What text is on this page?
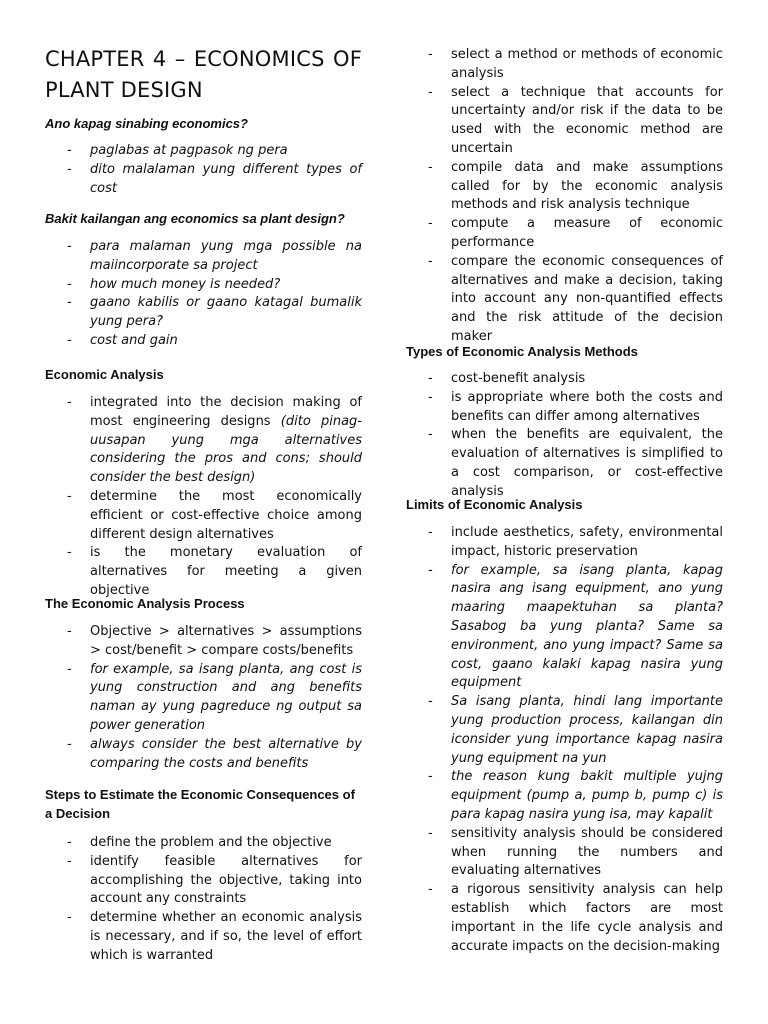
CHAPTER 4 – ECONOMICS OF
PLANT DESIGN
Ano kapag sinabing economics?
- paglabas at pagpasok ng pera
- dito malalaman yung different types of cost
Bakit kailangan ang economics sa plant design?
- para malaman yung mga possible na maiincorporate sa project
- how much money is needed?
- gaano kabilis or gaano katagal bumalik yung pera?
- cost and gain
Economic Analysis
- integrated into the decision making of most engineering designs (dito pinag-uusapan yung mga alternatives considering the pros and cons; should consider the best design)
- determine the most economically efficient or cost-effective choice among different design alternatives
- is the monetary evaluation of alternatives for meeting a given objective
The Economic Analysis Process
- Objective > alternatives > assumptions > cost/benefit > compare costs/benefits
- for example, sa isang planta, ang cost is yung construction and ang benefits naman ay yung pagreduce ng output sa power generation
- always consider the best alternative by comparing the costs and benefits
Steps to Estimate the Economic Consequences of a Decision
- define the problem and the objective
- identify feasible alternatives for accomplishing the objective, taking into account any constraints
- determine whether an economic analysis is necessary, and if so, the level of effort which is warranted
- select a method or methods of economic analysis
- select a technique that accounts for uncertainty and/or risk if the data to be used with the economic method are uncertain
- compile data and make assumptions called for by the economic analysis methods and risk analysis technique
- compute a measure of economic performance
- compare the economic consequences of alternatives and make a decision, taking into account any non-quantified effects and the risk attitude of the decision maker
Types of Economic Analysis Methods
- cost-benefit analysis
- is appropriate where both the costs and benefits can differ among alternatives
- when the benefits are equivalent, the evaluation of alternatives is simplified to a cost comparison, or cost-effective analysis
Limits of Economic Analysis
- include aesthetics, safety, environmental impact, historic preservation
- for example, sa isang planta, kapag nasira ang isang equipment, ano yung maaring maapektuhan sa planta? Sasabog ba yung planta? Same sa environment, ano yung impact? Same sa cost, gaano kalaki kapag nasira yung equipment
- Sa isang planta, hindi lang importante yung production process, kailangan din iconsider yung importance kapag nasira yung equipment na yun
- the reason kung bakit multiple yujng equipment (pump a, pump b, pump c) is para kapag nasira yung isa, may kapalit
- sensitivity analysis should be considered when running the numbers and evaluating alternatives
- a rigorous sensitivity analysis can help establish which factors are most important in the life cycle analysis and accurate impacts on the decision-making
